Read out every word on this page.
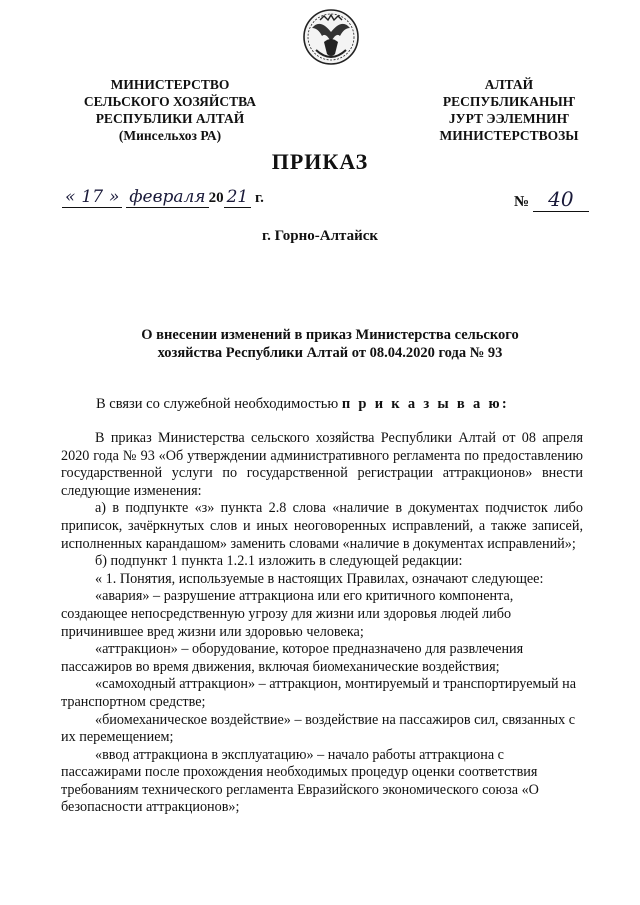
МИНИСТЕРСТВО
СЕЛЬСКОГО ХОЗЯЙСТВА
РЕСПУБЛИКИ АЛТАЙ
(Минсельхоз РА)
АЛТАЙ
РЕСПУБЛИКАНЫҤ
ЈУРТ ЭЭЛЕМНИҤ
МИНИСТЕРСТВОЗЫ
ПРИКАЗ
« 17 » февраля 20 21 г.	№ 40
г. Горно-Алтайск
О внесении изменений в приказ Министерства сельского хозяйства Республики Алтай от 08.04.2020 года № 93
В связи со служебной необходимостью п р и к а з ы в а ю:

В приказ Министерства сельского хозяйства Республики Алтай от 08 апреля 2020 года № 93 «Об утверждении административного регламента по предоставлению государственной услуги по государственной регистрации аттракционов» внести следующие изменения:

а) в подпункте «з» пункта 2.8 слова «наличие в документах подчисток либо приписок, зачёркнутых слов и иных неоговоренных исправлений, а также записей, исполненных карандашом» заменить словами «наличие в документах исправлений»;

б) подпункт 1 пункта 1.2.1 изложить в следующей редакции:

« 1. Понятия, используемые в настоящих Правилах, означают следующее:

«авария» – разрушение аттракциона или его критичного компонента,

создающее непосредственную угрозу для жизни или здоровья людей либо

причинившее вред жизни или здоровью человека;

«аттракцион» – оборудование, которое предназначено для развлечения

пассажиров во время движения, включая биомеханические воздействия;

«самоходный аттракцион» – аттракцион, монтируемый и транспортируемый на

транспортном средстве;

«биомеханическое воздействие» – воздействие на пассажиров сил, связанных с

их перемещением;

«ввод аттракциона в эксплуатацию» – начало работы аттракциона с

пассажирами после прохождения необходимых процедур оценки соответствия

требованиям технического регламента Евразийского экономического союза «О

безопасности аттракционов»;
